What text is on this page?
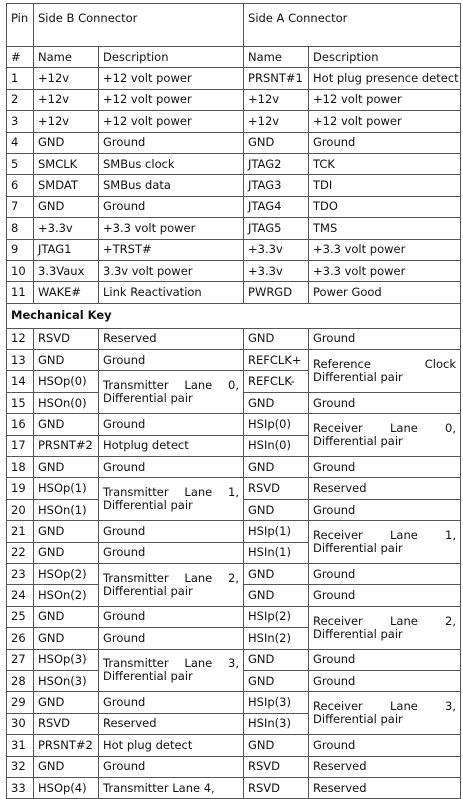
Pin	Side B Connector		Side A Connector	
#	Name	Description	Name	Description
1	+12v	+12 volt power	PRSNT#1	Hot plug presence detect
2	+12v	+12 volt power	+12v	+12 volt power
3	+12v	+12 volt power	+12v	+12 volt power
4	GND	Ground	GND	Ground
5	SMCLK	SMBus clock	JTAG2	TCK
6	SMDAT	SMBus data	JTAG3	TDI
7	GND	Ground	JTAG4	TDO
8	+3.3v	+3.3 volt power	JTAG5	TMS
9	JTAG1	+TRST#	+3.3v	+3.3 volt power
10	3.3Vaux	3.3v volt power	+3.3v	+3.3 volt power
11	WAKE#	Link Reactivation	PWRGD	Power Good
Mechanical Key				
12	RSVD	Reserved	GND	Ground
13	GND	Ground	REFCLK+	Reference Clock Differential pair
14	HSOp(0)	Transmitter Lane 0, Differential pair	REFCLK-	
15	HSOn(0)		GND	Ground
16	GND	Ground	HSIp(0)	Receiver Lane 0, Differential pair
17	PRSNT#2	Hotplug detect	HSIn(0)	
18	GND	Ground	GND	Ground
19	HSOp(1)	Transmitter Lane 1, Differential pair	RSVD	Reserved
20	HSOn(1)		GND	Ground
21	GND	Ground	HSIp(1)	Receiver Lane 1, Differential pair
22	GND	Ground	HSIn(1)	
23	HSOp(2)	Transmitter Lane 2, Differential pair	GND	Ground
24	HSOn(2)		GND	Ground
25	GND	Ground	HSIp(2)	Receiver Lane 2, Differential pair
26	GND	Ground	HSIn(2)	
27	HSOp(3)	Transmitter Lane 3, Differential pair	GND	Ground
28	HSOn(3)		GND	Ground
29	GND	Ground	HSIp(3)	Receiver Lane 3, Differential pair
30	RSVD	Reserved	HSIn(3)	
31	PRSNT#2	Hot plug detect	GND	Ground
32	GND	Ground	RSVD	Reserved
33	HSOp(4)	Transmitter Lane 4,	RSVD	Reserved
